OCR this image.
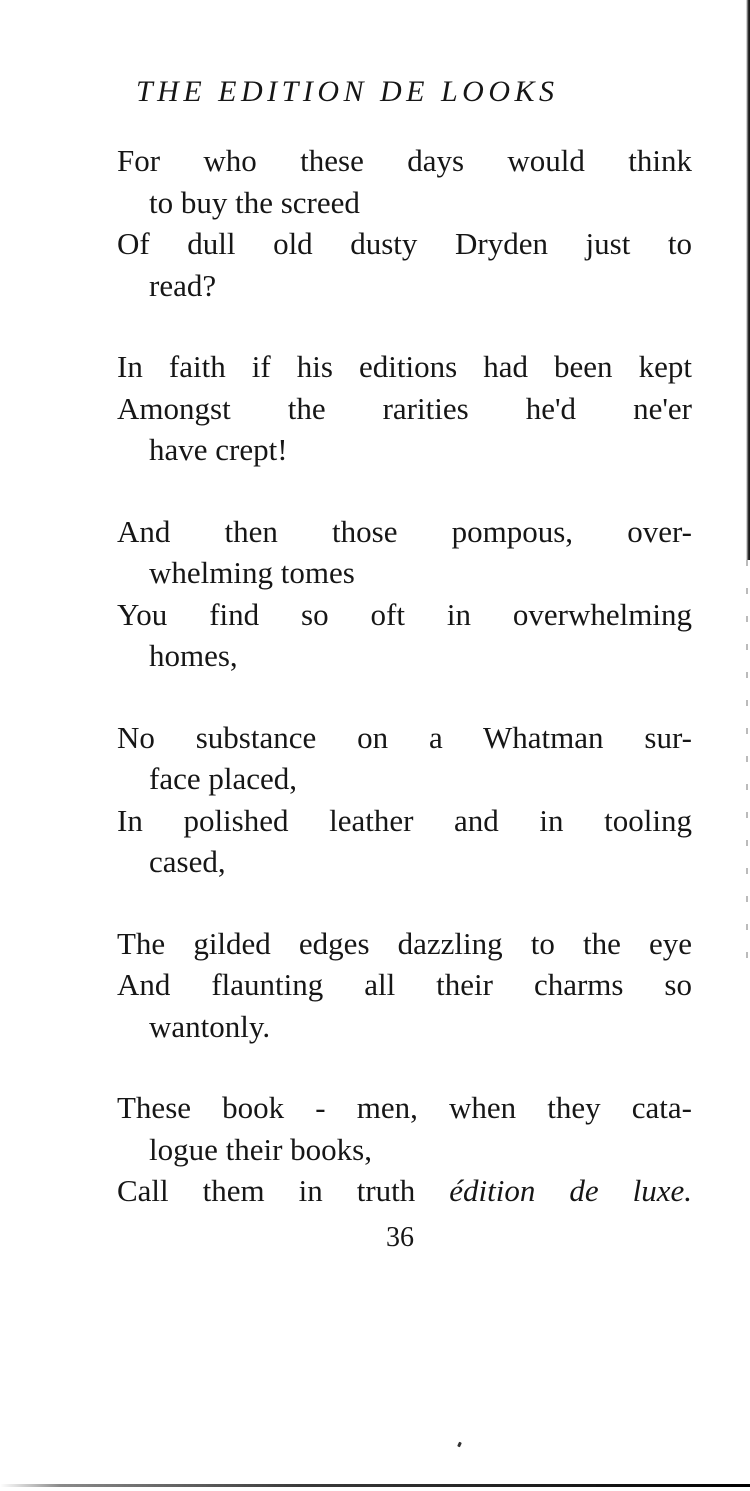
THE EDITION DE LOOKS
For who these days would think
to buy the screed
Of dull old dusty Dryden just to
read?
In faith if his editions had been kept
Amongst the rarities he'd ne'er
have crept!
And then those pompous, over-
whelming tomes
You find so oft in overwhelming
homes,
No substance on a Whatman sur-
face placed,
In polished leather and in tooling
cased,
The gilded edges dazzling to the eye
And flaunting all their charms so
wantonly.
These book - men, when they cata-
logue their books,
Call them in truth édition de luxe.
36
